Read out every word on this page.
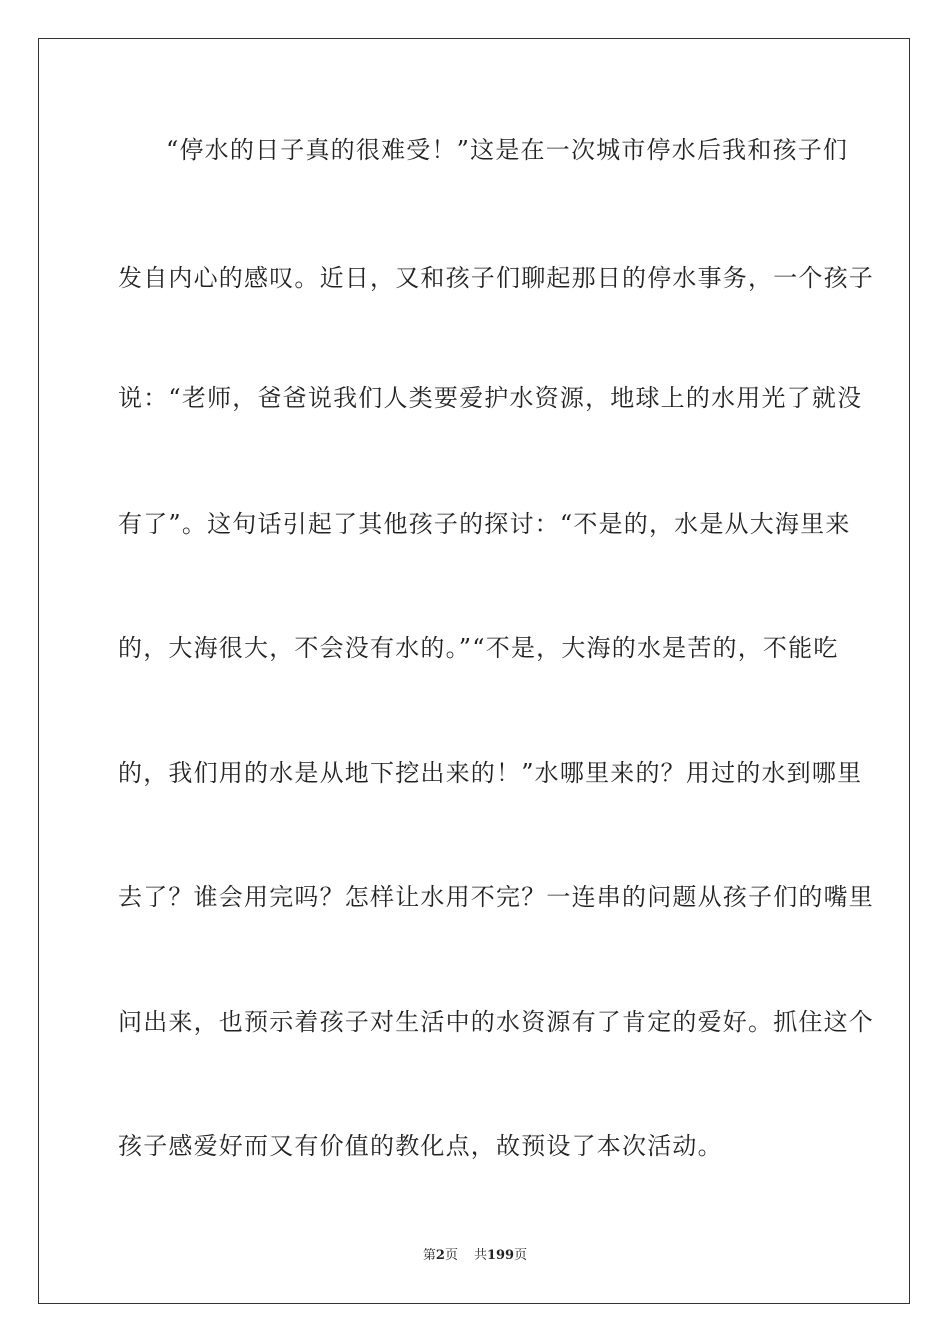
“停水的日子真的很难受！”这是在一次城市停水后我和孩子们
发自内心的感叹。近日，又和孩子们聊起那日的停水事务，一个孩子
说：“老师，爸爸说我们人类要爱护水资源，地球上的水用光了就没
有了”。这句话引起了其他孩子的探讨：“不是的，水是从大海里来
的，大海很大，不会没有水的。”“不是，大海的水是苦的，不能吃
的，我们用的水是从地下挖出来的！”水哪里来的？用过的水到哪里
去了？谁会用完吗？怎样让水用不完？一连串的问题从孩子们的嘴里
问出来，也预示着孩子对生活中的水资源有了肯定的爱好。抓住这个
孩子感爱好而又有价值的教化点，故预设了本次活动。
第2页 共199页
